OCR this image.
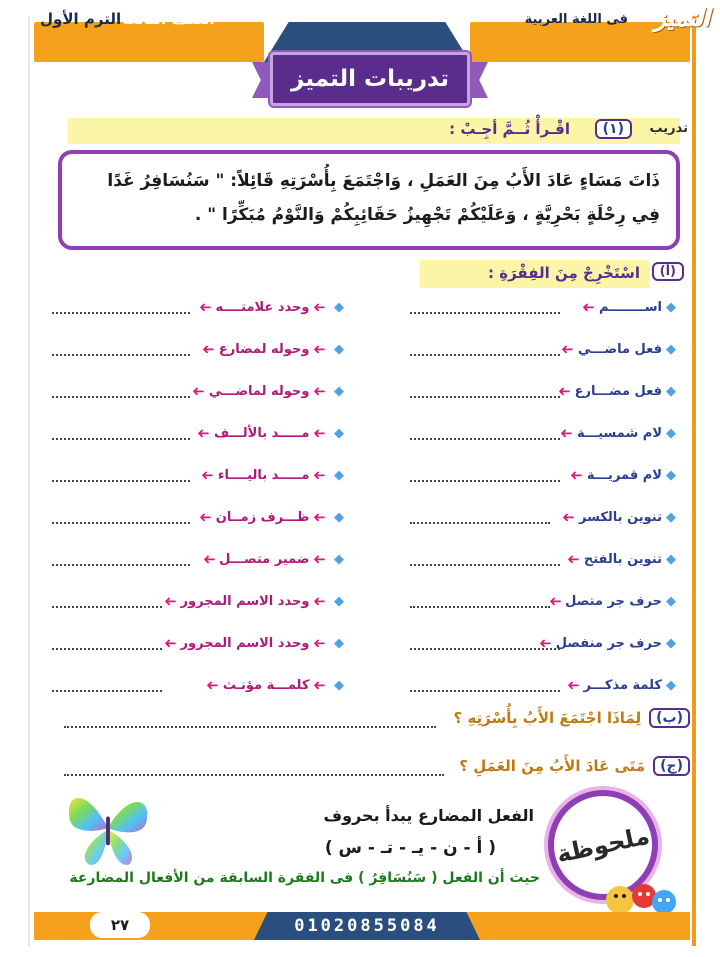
الترم الأول الصف الثالث	فى اللغة العربية التميز
تدريبات التميز
تدريب
(١)
اقْـرأْ ثُــمَّ أجِـبْ :
ذَاتَ مَسَاءٍ عَادَ الأَبُ مِنَ العَمَلِ ، وَاجْتَمَعَ بِأُسْرَتِهِ قَائِلاً: " سَنُسَافِرُ غَدًا
فِي رِحْلَةٍ بَحْرِيَّةٍ ، وَعَلَيْكُمْ تَجْهِيزُ حَقَائِبِكُمْ وَالنَّوْمُ مُبَكِّرًا " .
(أ)
اسْتَخْرِجْ مِنَ الفِقْرَةِ :
◆
اســــــــم
➜
◆
➜
وحدد علامتــــه
➜
◆
فعل ماضـــي
➜
◆
➜
وحوله لمضارع
➜
◆
فعل مضـــارع
➜
◆
➜
وحوله لماضـــي
➜
◆
لام شمسيـــة
➜
◆
➜
مـــــد بالألـــف
➜
◆
لام قمريـــة
➜
◆
➜
مـــــد باليــــاء
➜
◆
تنوين بالكسر
➜
◆
➜
ظـــرف زمــان
➜
◆
تنوين بالفتح
➜
◆
➜
ضمير متصـــل
➜
◆
حرف جر متصل
➜
◆
➜
وحدد الاسم المجرور
➜
◆
حرف جر منفصل
➜
◆
➜
وحدد الاسم المجرور
➜
◆
كلمة مذكـــر
➜
◆
➜
كلمـــة مؤنـث
➜
(ب)
لِمَاذَا اجْتَمَعَ الأَبُ بِأُسْرَتِهِ ؟
(ج)
مَتَى عَادَ الأَبُ مِنَ العَمَلِ ؟
ملحوظة
الفعل المضارع يبدأ بحروف
( أ - ن - يـ - تـ - س )
حيث أن الفعل ( سَنُسَافِرُ ) فى الفقرة السابقة من الأفعال المضارعة
01020855084
٢٧
